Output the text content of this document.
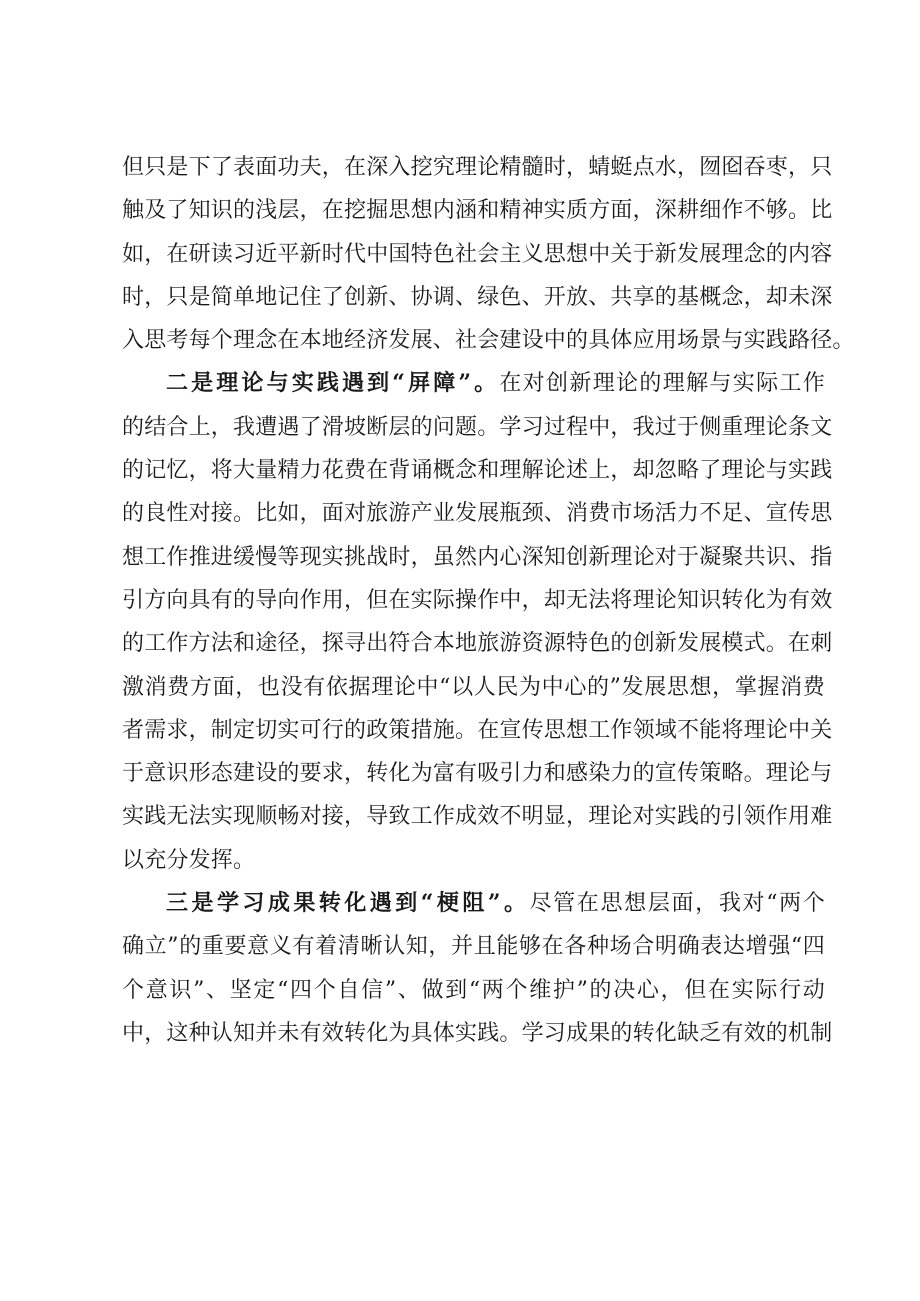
但只是下了表面功夫，在深入挖究理论精髓时，蜻蜓点水，囫囵吞枣，只
触及了知识的浅层，在挖掘思想内涵和精神实质方面，深耕细作不够。比
如，在研读习近平新时代中国特色社会主义思想中关于新发展理念的内容
时，只是简单地记住了创新、协调、绿色、开放、共享的基概念，却未深
入思考每个理念在本地经济发展、社会建设中的具体应用场景与实践路径。
二是理论与实践遇到“屏障”。在对创新理论的理解与实际工作
的结合上，我遭遇了滑坡断层的问题。学习过程中，我过于侧重理论条文
的记忆，将大量精力花费在背诵概念和理解论述上，却忽略了理论与实践
的良性对接。比如，面对旅游产业发展瓶颈、消费市场活力不足、宣传思
想工作推进缓慢等现实挑战时，虽然内心深知创新理论对于凝聚共识、指
引方向具有的导向作用，但在实际操作中，却无法将理论知识转化为有效
的工作方法和途径，探寻出符合本地旅游资源特色的创新发展模式。在刺
激消费方面，也没有依据理论中“以人民为中心的”发展思想，掌握消费
者需求，制定切实可行的政策措施。在宣传思想工作领域不能将理论中关
于意识形态建设的要求，转化为富有吸引力和感染力的宣传策略。理论与
实践无法实现顺畅对接，导致工作成效不明显，理论对实践的引领作用难
以充分发挥。
三是学习成果转化遇到“梗阻”。尽管在思想层面，我对“两个
确立”的重要意义有着清晰认知，并且能够在各种场合明确表达增强“四
个意识”、坚定“四个自信”、做到“两个维护”的决心，但在实际行动
中，这种认知并未有效转化为具体实践。学习成果的转化缺乏有效的机制
